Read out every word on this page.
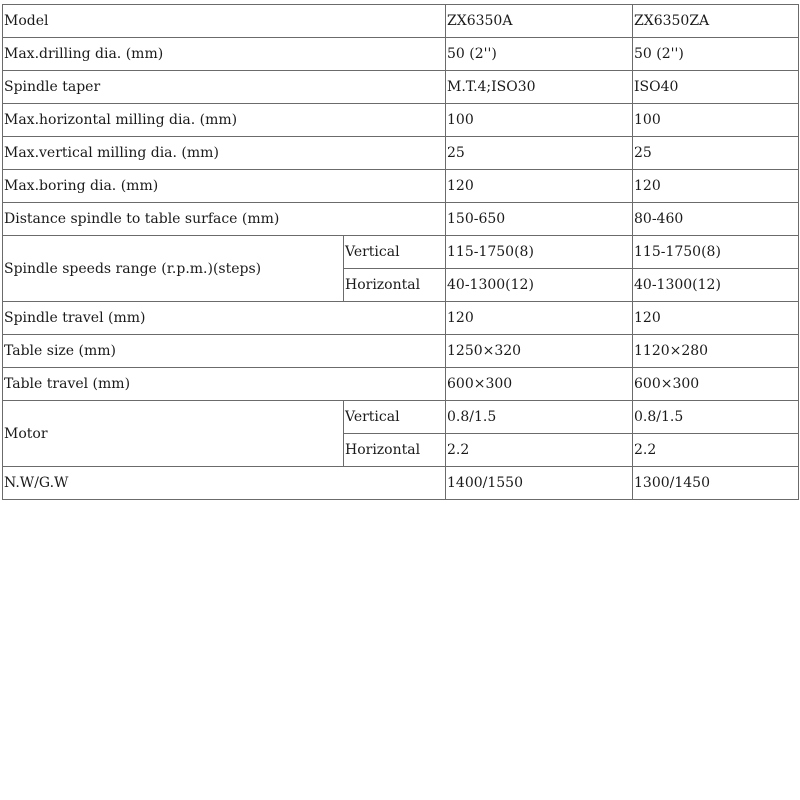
Model		ZX6350A	ZX6350ZA
Max.drilling dia. (mm)		50 (2'')	50 (2'')
Spindle taper		M.T.4;ISO30	ISO40
Max.horizontal milling dia. (mm)		100	100
Max.vertical milling dia. (mm)		25	25
Max.boring dia. (mm)		120	120
Distance spindle to table surface (mm)		150-650	80-460
Spindle speeds range (r.p.m.)(steps)	Vertical	115-1750(8)	115-1750(8)
	Horizontal	40-1300(12)	40-1300(12)
Spindle travel (mm)		120	120
Table size (mm)		1250×320	1120×280
Table travel (mm)		600×300	600×300
Motor	Vertical	0.8/1.5	0.8/1.5
	Horizontal	2.2	2.2
N.W/G.W		1400/1550	1300/1450
